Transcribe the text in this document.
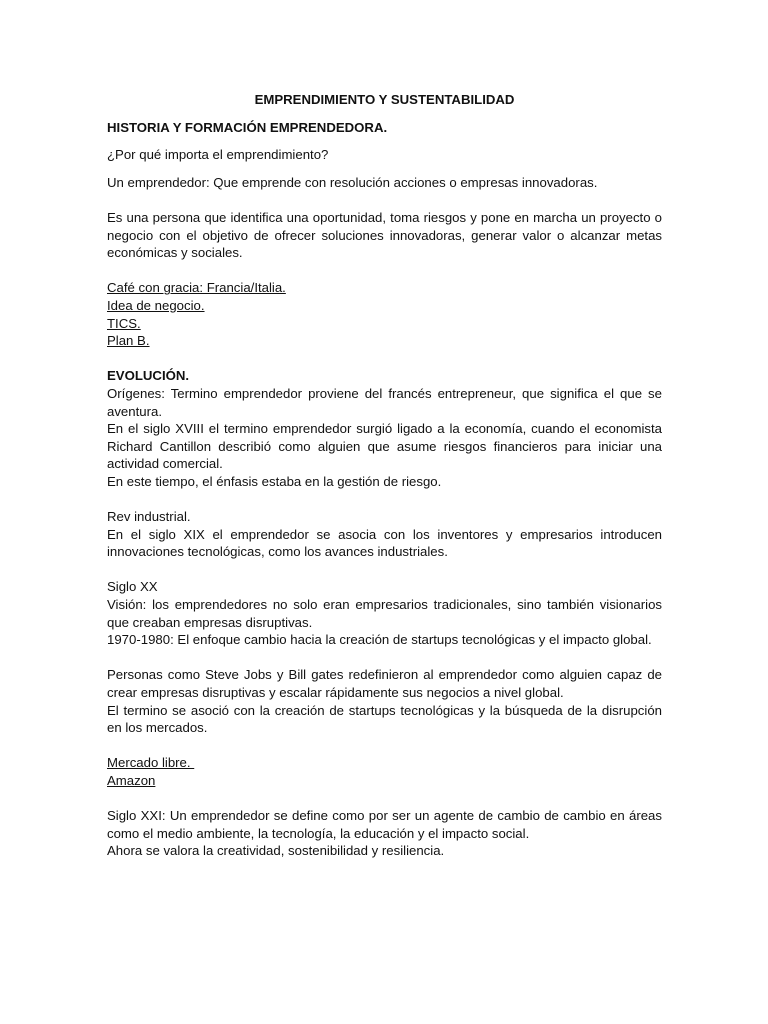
EMPRENDIMIENTO Y SUSTENTABILIDAD

HISTORIA Y FORMACIÓN EMPRENDEDORA.

¿Por qué importa el emprendimiento?

Un emprendedor: Que emprende con resolución acciones o empresas innovadoras.

Es una persona que identifica una oportunidad, toma riesgos y pone en marcha un proyecto o negocio con el objetivo de ofrecer soluciones innovadoras, generar valor o alcanzar metas económicas y sociales.

Café con gracia: Francia/Italia.
Idea de negocio.
TICS.
Plan B.
EVOLUCIÓN.

Orígenes: Termino emprendedor proviene del francés entrepreneur, que significa el que se aventura.

En el siglo XVIII el termino emprendedor surgió ligado a la economía, cuando el economista Richard Cantillon describió como alguien que asume riesgos financieros para iniciar una actividad comercial.

En este tiempo, el énfasis estaba en la gestión de riesgo.

Rev industrial.

En el siglo XIX el emprendedor se asocia con los inventores y empresarios introducen innovaciones tecnológicas, como los avances industriales.

Siglo XX

Visión: los emprendedores no solo eran empresarios tradicionales, sino también visionarios que creaban empresas disruptivas.

1970-1980: El enfoque cambio hacia la creación de startups tecnológicas y el impacto global.

Personas como Steve Jobs y Bill gates redefinieron al emprendedor como alguien capaz de crear empresas disruptivas y escalar rápidamente sus negocios a nivel global.

El termino se asoció con la creación de startups tecnológicas y la búsqueda de la disrupción en los mercados.

Mercado libre.
Amazon

Siglo XXI: Un emprendedor se define como por ser un agente de cambio de cambio en áreas como el medio ambiente, la tecnología, la educación y el impacto social.

Ahora se valora la creatividad, sostenibilidad y resiliencia.
